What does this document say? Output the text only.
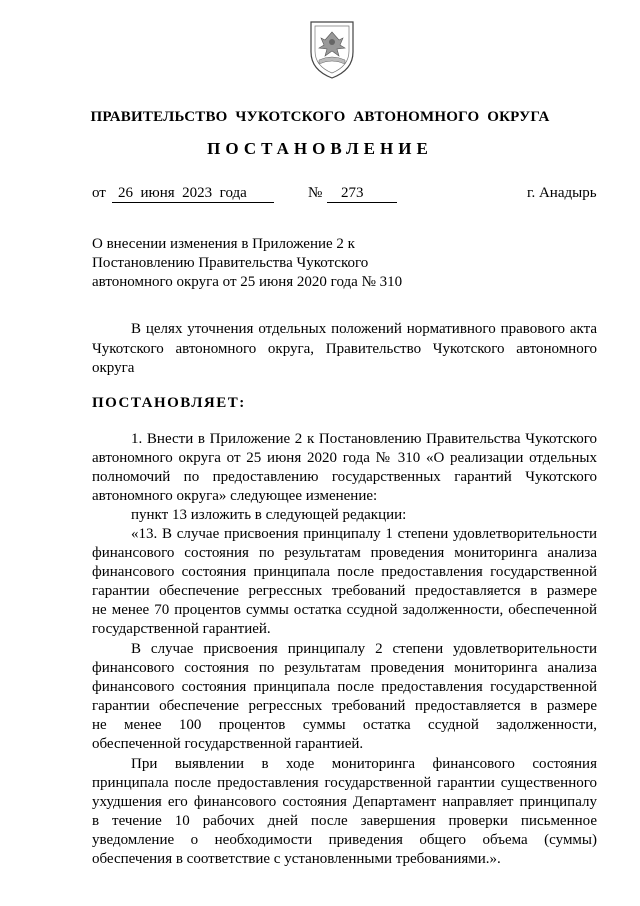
ПРАВИТЕЛЬСТВО  ЧУКОТСКОГО  АВТОНОМНОГО  ОКРУГА
ПОСТАНОВЛЕНИЕ
от 26  июня  2023  года	№ 273	г. Анадырь
О внесении изменения в Приложение 2 к
Постановлению Правительства Чукотского
автономного округа от 25 июня 2020 года № 310
В целях уточнения отдельных положений нормативного правового акта
Чукотского автономного округа, Правительство Чукотского автономного
округа
ПОСТАНОВЛЯЕТ:
1. Внести в Приложение 2 к Постановлению Правительства Чукотского
автономного округа от 25 июня 2020 года № 310 «О реализации отдельных
полномочий по предоставлению государственных гарантий Чукотского
автономного округа» следующее изменение:
пункт 13 изложить в следующей редакции:
«13. В случае присвоения принципалу 1 степени удовлетворительности
финансового состояния по результатам проведения мониторинга анализа
финансового состояния принципала после предоставления государственной
гарантии обеспечение регрессных требований предоставляется в размере
не менее 70 процентов суммы остатка ссудной задолженности, обеспеченной
государственной гарантией.
В случае присвоения принципалу 2 степени удовлетворительности
финансового состояния по результатам проведения мониторинга анализа
финансового состояния принципала после предоставления государственной
гарантии обеспечение регрессных требований предоставляется в размере
не менее 100 процентов суммы остатка ссудной задолженности,
обеспеченной государственной гарантией.
При выявлении в ходе мониторинга финансового состояния
принципала после предоставления государственной гарантии существенного
ухудшения его финансового состояния Департамент направляет принципалу
в течение 10 рабочих дней после завершения проверки письменное
уведомление о необходимости приведения общего объема (суммы)
обеспечения в соответствие с установленными требованиями.».
